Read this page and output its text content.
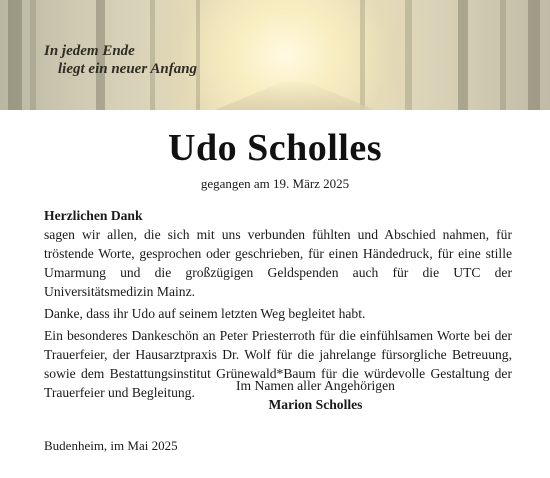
In jedem Ende
liegt ein neuer Anfang
Udo Scholles
gegangen am 19. März 2025

Herzlichen Dank

sagen wir allen, die sich mit uns verbunden fühlten und Abschied nahmen, für tröstende Worte, gesprochen oder geschrieben, für einen Händedruck, für eine stille Umarmung und die großzügigen Geldspenden auch für die UTC der Universitätsmedizin Mainz.

Danke, dass ihr Udo auf seinem letzten Weg begleitet habt.

Ein besonderes Dankeschön an Peter Priesterroth für die einfühlsamen Worte bei der Trauerfeier, der Hausarztpraxis Dr. Wolf für die jahrelange fürsorgliche Betreuung, sowie dem Bestattungsinstitut Grünewald*Baum für die würdevolle Gestaltung der Trauerfeier und Begleitung.	Im Namen aller Angehörigen
Marion Scholles
Budenheim, im Mai 2025
